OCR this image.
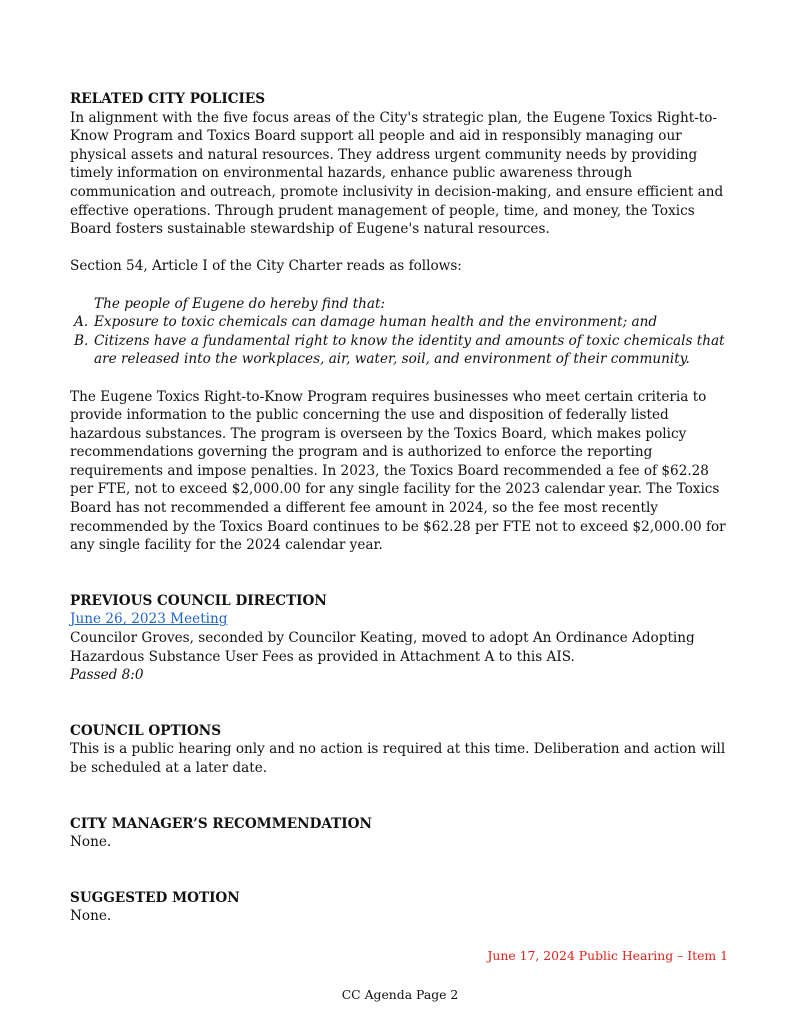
RELATED CITY POLICIES

In alignment with the five focus areas of the City's strategic plan, the Eugene Toxics Right-to-Know Program and Toxics Board support all people and aid in responsibly managing our physical assets and natural resources. They address urgent community needs by providing timely information on environmental hazards, enhance public awareness through communication and outreach, promote inclusivity in decision-making, and ensure efficient and effective operations. Through prudent management of people, time, and money, the Toxics Board fosters sustainable stewardship of Eugene's natural resources.

Section 54, Article I of the City Charter reads as follows:

The people of Eugene do hereby find that:

A. Exposure to toxic chemicals can damage human health and the environment; and
B. Citizens have a fundamental right to know the identity and amounts of toxic chemicals that are released into the workplaces, air, water, soil, and environment of their community.

The Eugene Toxics Right-to-Know Program requires businesses who meet certain criteria to provide information to the public concerning the use and disposition of federally listed hazardous substances. The program is overseen by the Toxics Board, which makes policy recommendations governing the program and is authorized to enforce the reporting requirements and impose penalties. In 2023, the Toxics Board recommended a fee of $62.28 per FTE, not to exceed $2,000.00 for any single facility for the 2023 calendar year. The Toxics Board has not recommended a different fee amount in 2024, so the fee most recently recommended by the Toxics Board continues to be $62.28 per FTE not to exceed $2,000.00 for any single facility for the 2024 calendar year.

PREVIOUS COUNCIL DIRECTION

June 26, 2023 Meeting

Councilor Groves, seconded by Councilor Keating, moved to adopt An Ordinance Adopting Hazardous Substance User Fees as provided in Attachment A to this AIS.

Passed 8:0

COUNCIL OPTIONS

This is a public hearing only and no action is required at this time. Deliberation and action will be scheduled at a later date.

CITY MANAGER’S RECOMMENDATION

None.

SUGGESTED MOTION

None.

June 17, 2024 Public Hearing – Item 1
CC Agenda Page 2
